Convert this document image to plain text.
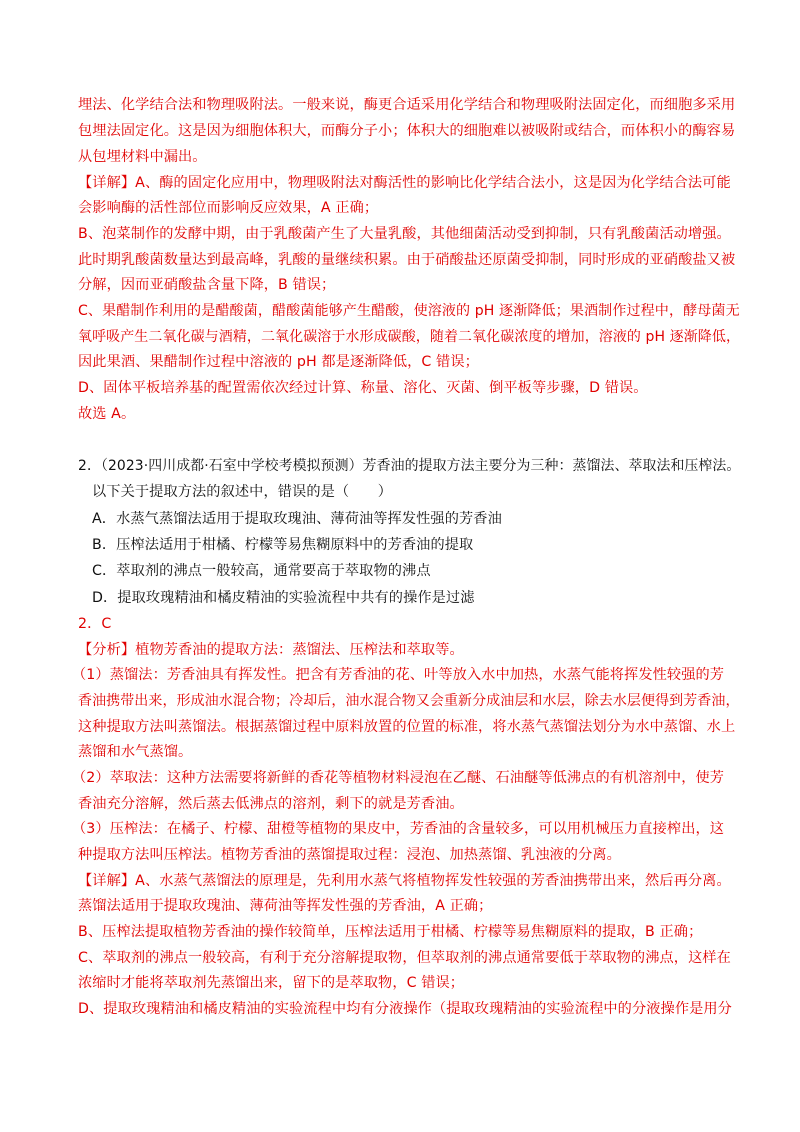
埋法、化学结合法和物理吸附法。一般来说，酶更合适采用化学结合和物理吸附法固定化，而细胞多采用
包埋法固定化。这是因为细胞体积大，而酶分子小；体积大的细胞难以被吸附或结合，而体积小的酶容易
从包埋材料中漏出。
【详解】A、酶的固定化应用中，物理吸附法对酶活性的影响比化学结合法小，这是因为化学结合法可能
会影响酶的活性部位而影响反应效果，A 正确；
B、泡菜制作的发酵中期，由于乳酸菌产生了大量乳酸，其他细菌活动受到抑制，只有乳酸菌活动增强。
此时期乳酸菌数量达到最高峰，乳酸的量继续积累。由于硝酸盐还原菌受抑制，同时形成的亚硝酸盐又被
分解，因而亚硝酸盐含量下降，B 错误；
C、果醋制作利用的是醋酸菌，醋酸菌能够产生醋酸，使溶液的 pH 逐渐降低；果酒制作过程中，酵母菌无
氧呼吸产生二氧化碳与酒精，二氧化碳溶于水形成碳酸，随着二氧化碳浓度的增加，溶液的 pH 逐渐降低，
因此果酒、果醋制作过程中溶液的 pH 都是逐渐降低，C 错误；
D、固体平板培养基的配置需依次经过计算、称量、溶化、灭菌、倒平板等步骤，D 错误。
故选 A。
2．（2023·四川成都·石室中学校考模拟预测）芳香油的提取方法主要分为三种：蒸馏法、萃取法和压榨法。
以下关于提取方法的叙述中，错误的是（　　）
A．水蒸气蒸馏法适用于提取玫瑰油、薄荷油等挥发性强的芳香油
B．压榨法适用于柑橘、柠檬等易焦糊原料中的芳香油的提取
C．萃取剂的沸点一般较高，通常要高于萃取物的沸点
D．提取玫瑰精油和橘皮精油的实验流程中共有的操作是过滤
2．C
【分析】植物芳香油的提取方法：蒸馏法、压榨法和萃取等。
（1）蒸馏法：芳香油具有挥发性。把含有芳香油的花、叶等放入水中加热，水蒸气能将挥发性较强的芳
香油携带出来，形成油水混合物；冷却后，油水混合物又会重新分成油层和水层，除去水层便得到芳香油，
这种提取方法叫蒸馏法。根据蒸馏过程中原料放置的位置的标准，将水蒸气蒸馏法划分为水中蒸馏、水上
蒸馏和水气蒸馏。
（2）萃取法：这种方法需要将新鲜的香花等植物材料浸泡在乙醚、石油醚等低沸点的有机溶剂中，使芳
香油充分溶解，然后蒸去低沸点的溶剂，剩下的就是芳香油。
（3）压榨法：在橘子、柠檬、甜橙等植物的果皮中，芳香油的含量较多，可以用机械压力直接榨出，这
种提取方法叫压榨法。植物芳香油的蒸馏提取过程：浸泡、加热蒸馏、乳浊液的分离。
【详解】A、水蒸气蒸馏法的原理是，先利用水蒸气将植物挥发性较强的芳香油携带出来，然后再分离。
蒸馏法适用于提取玫瑰油、薄荷油等挥发性强的芳香油，A 正确；
B、压榨法提取植物芳香油的操作较简单，压榨法适用于柑橘、柠檬等易焦糊原料的提取，B 正确；
C、萃取剂的沸点一般较高，有利于充分溶解提取物，但萃取剂的沸点通常要低于萃取物的沸点，这样在
浓缩时才能将萃取剂先蒸馏出来，留下的是萃取物，C 错误；
D、提取玫瑰精油和橘皮精油的实验流程中均有分液操作（提取玫瑰精油的实验流程中的分液操作是用分
